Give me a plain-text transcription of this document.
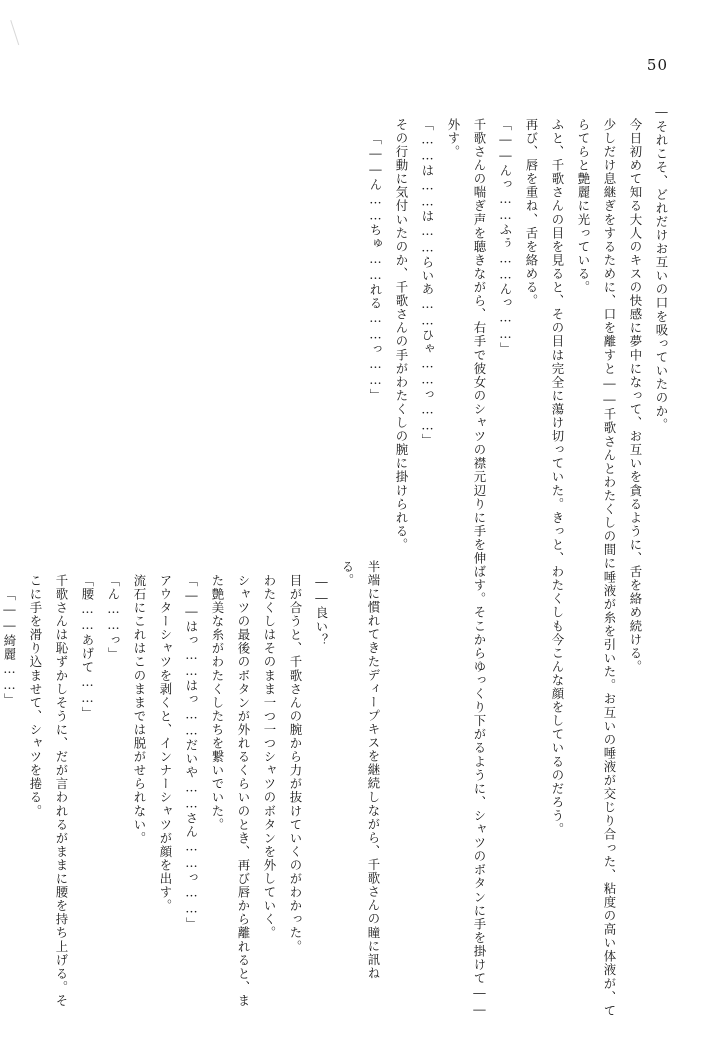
50
―それこそ、どれだけお互いの口を吸っていたのか。
今日初めて知る大人のキスの快感に夢中になって、お互いを貪るように、舌を絡め続ける。
少しだけ息継ぎをするために、口を離すと――千歌さんとわたくしの間に唾液が糸を引いた。お互いの唾液が交じり合った、粘度の高い体液が、てらてらと艶麗に光っている。
ふと、千歌さんの目を見ると、その目は完全に蕩け切っていた。きっと、わたくしも今こんな顔をしているのだろう。
再び、唇を重ね、舌を絡める。
「――んっ……ふぅ……んっ……」
千歌さんの喘ぎ声を聴きながら、右手で彼女のシャツの襟元辺りに手を伸ばす。そこからゆっくり下がるように、シャツのボタンに手を掛けて――外す。
「……は……は……らいあ……ひゃ……っ……」
その行動に気付いたのか、千歌さんの手がわたくしの腕に掛けられる。
「――ん……ちゅ……れる……っ……」
半端に慣れてきたディープキスを継続しながら、千歌さんの瞳に訊ねる。
――良い？
目が合うと、千歌さんの腕から力が抜けていくのがわかった。
わたくしはそのまま一つ一つシャツのボタンを外していく。
シャツの最後のボタンが外れるくらいのとき、再び唇から離れると、また艶美な糸がわたくしたちを繋いでいた。
「――はっ……はっ……だいや……さん……っ……」
アウターシャツを剥くと、インナーシャツが顔を出す。
流石にこれはこのままでは脱がせられない。
「ん……っ」
「腰……あげて……」
千歌さんは恥ずかしそうに、だが言われるがままに腰を持ち上げる。そこに手を滑り込ませて、シャツを捲る。
「――綺麗……」
